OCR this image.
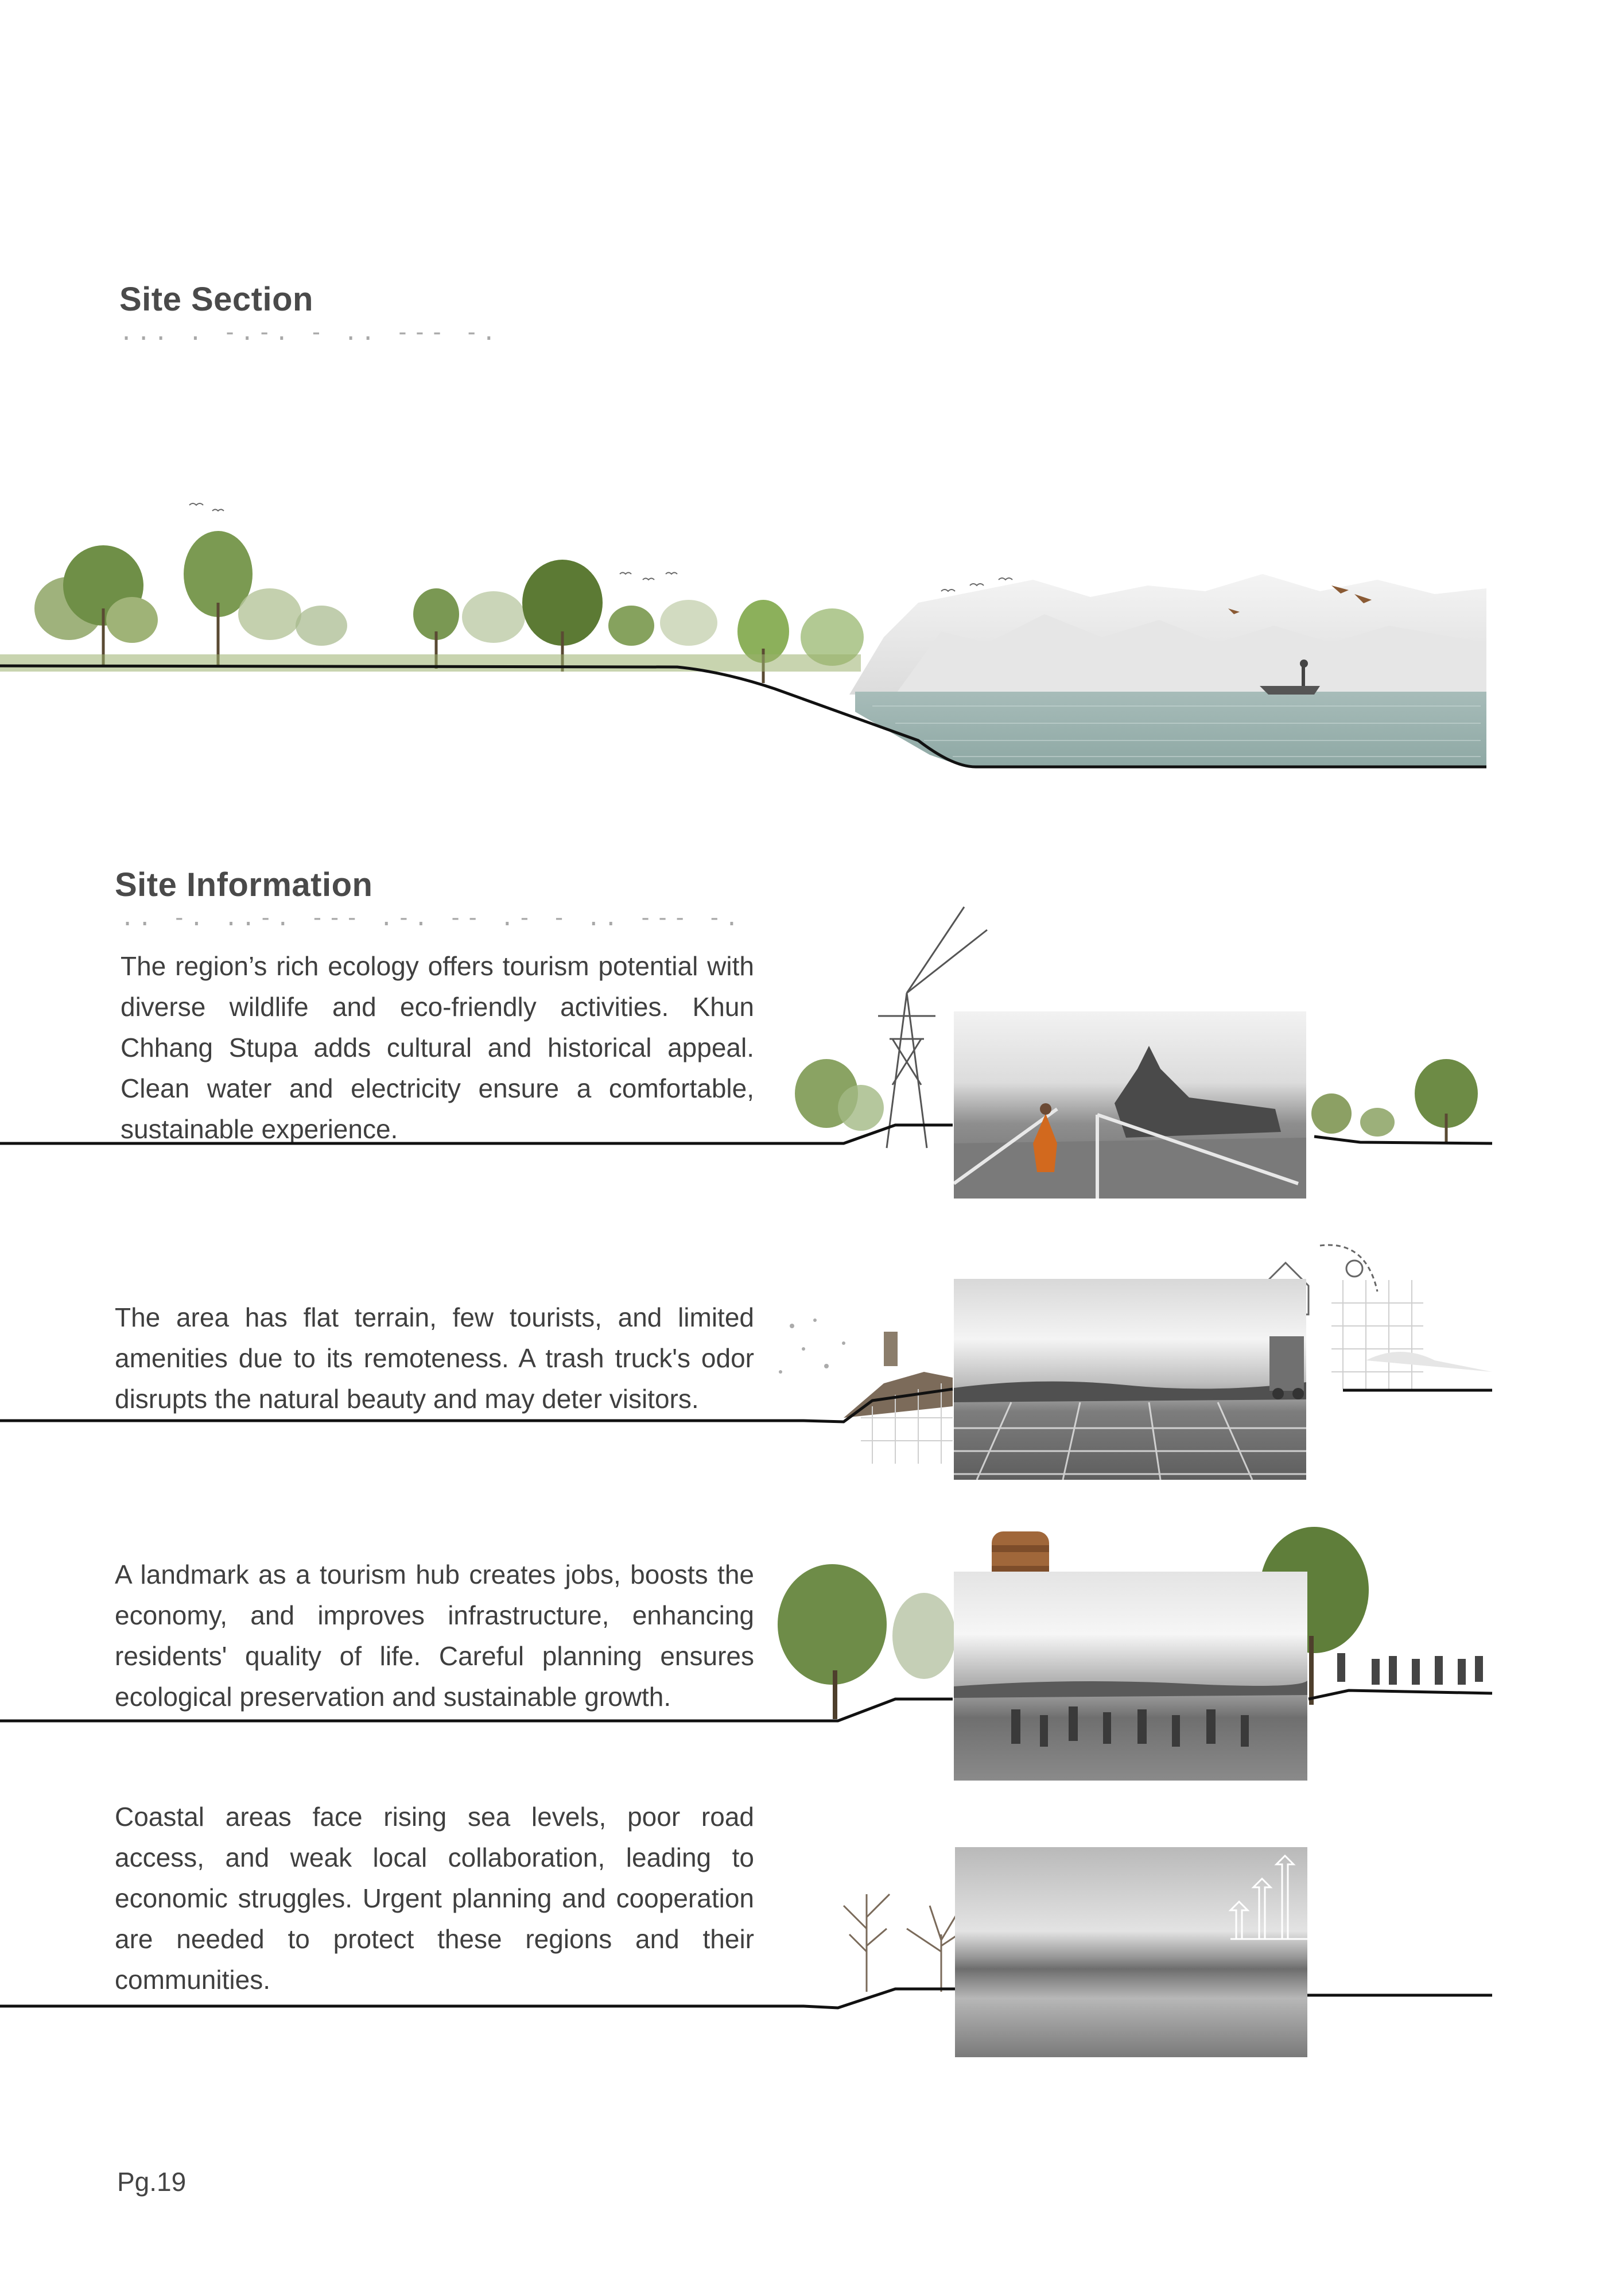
Site Section
... . -.-. - .. --- -.
Site Information
.. -. ..-. --- .-. -- .- - .. --- -.
The region’s rich ecology offers tourism potential with diverse wildlife and eco-friendly activities. Khun Chhang Stupa adds cultural and historical appeal. Clean water and electricity ensure a comfortable, sustainable experience.
The area has flat terrain, few tourists, and limited amenities due to its remoteness. A trash truck's odor disrupts the natural beauty and may deter visitors.
A landmark as a tourism hub creates jobs, boosts the economy, and improves infrastructure, enhancing residents' quality of life. Careful planning ensures ecological preservation and sustainable growth.
Coastal areas face rising sea levels, poor road access, and weak local collaboration, leading to economic struggles. Urgent planning and cooperation are needed to protect these regions and their communities.
Pg.19
